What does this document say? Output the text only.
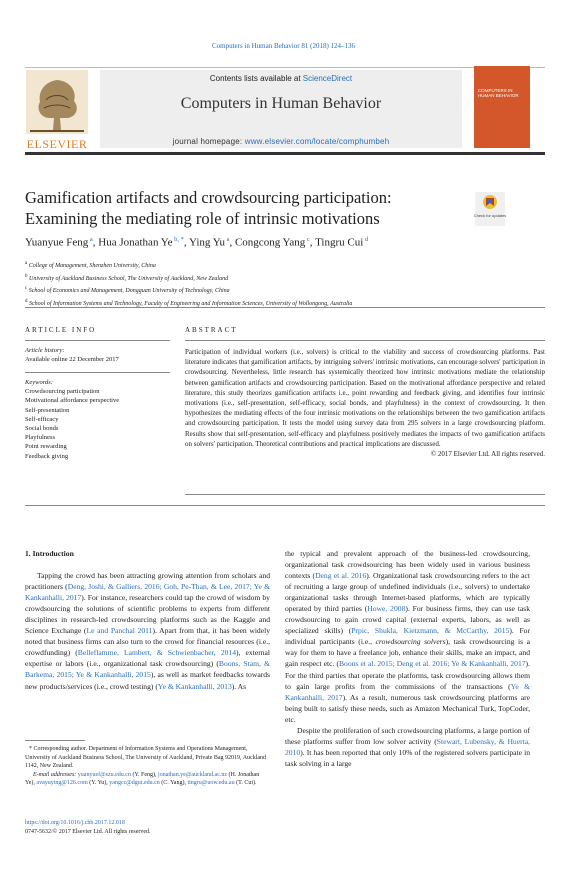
Computers in Human Behavior 81 (2018) 124–136
Contents lists available at ScienceDirect
Computers in Human Behavior
journal homepage: www.elsevier.com/locate/comphumbeh
ELSEVIER
COMPUTERS IN HUMAN BEHAVIOR
Gamification artifacts and crowdsourcing participation: Examining the mediating role of intrinsic motivations	Check for updates
Yuanyue Feng $^a$, Hua Jonathan Ye $^{b, *}$, Ying Yu $^a$, Congcong Yang $^c$, Tingru Cui $^d$
$^a$ College of Management, Shenzhen University, China
$^b$ University of Auckland Business School, The University of Auckland, New Zealand
$^c$ School of Economics and Management, Dongguan University of Technology, China
$^d$ School of Information Systems and Technology, Faculty of Engineering and Information Sciences, University of Wollongong, Australia
ARTICLE INFO
Article history:
Available online 22 December 2017
Keywords:
Crowdsourcing participation
Motivational affordance perspective
Self-presentation
Self-efficacy
Social bonds
Playfulness
Point rewarding
Feedback giving
ABSTRACT
Participation of individual workers (i.e., solvers) is critical to the viability and success of crowdsourcing platforms. Past literature indicates that gamification artifacts, by intriguing solvers' intrinsic motivations, can encourage solvers' participation in crowdsourcing. Nevertheless, little research has systemically theorized how intrinsic motivations mediate the relationship between gamification artifacts and crowdsourcing participation. Based on the motivational affordance perspective and related literature, this study theorizes gamification artifacts i.e., point rewarding and feedback giving, and identifies four intrinsic motivations (i.e., self-presentation, self-efficacy, social bonds, and playfulness) in the context of crowdsourcing. It then hypothesizes the mediating effects of the four intrinsic motivations on the relationships between the two gamification artifacts and crowdsourcing participation. It tests the model using survey data from 295 solvers in a large crowdsourcing platform. Results show that self-presentation, self-efficacy and playfulness positively mediates the impacts of two gamification artifacts on solvers' participation. Theoretical contributions and practical implications are discussed.
© 2017 Elsevier Ltd. All rights reserved.
1. Introduction

Tapping the crowd has been attracting growing attention from scholars and practitioners (Deng, Joshi, & Galliers, 2016; Goh, Pe-Than, & Lee, 2017; Ye & Kankanhalli, 2017). For instance, researchers could tap the crowd of wisdom by crowdsourcing the solutions of scientific problems to experts from different disciplines in research-led crowdsourcing platforms such as the Kaggle and Science Exchange (Le and Panchal 2011). Apart from that, it has been widely noted that business firms can also turn to the crowd for financial resources (i.e., crowdfunding) (Belleflamme, Lambert, & Schwienbacher, 2014), external expertise or labors (i.e., organizational task crowdsourcing) (Boons, Stam, & Barkema, 2015; Ye & Kankanhalli, 2015), as well as market feedbacks towards new products/services (i.e., crowd testing) (Ye & Kankanhalli, 2013). As

the typical and prevalent approach of the business-led crowdsourcing, organizational task crowdsourcing has been widely used in various business contexts (Deng et al. 2016). Organizational task crowdsourcing refers to the act of recruiting a large group of undefined individuals (i.e., solvers) to undertake organizational tasks through Internet-based platforms, which are typically operated by third parties (Howe, 2008). For business firms, they can use task crowdsourcing to gain crowd capital (external experts, labors, as well as specialized skills) (Prpic, Shukla, Kietzmann, & McCarthy, 2015). For individual participants (i.e., crowdsourcing solvers), task crowdsourcing is a way for them to have a freelance job, enhance their skills, make an impact, and gain respect etc. (Boons et al. 2015; Deng et al. 2016; Ye & Kankanhalli, 2017). For the third parties that operate the platforms, task crowdsourcing allows them to gain large profits from the commissions of the transactions (Ye & Kankanhalli, 2017). As a result, numerous task crowdsourcing platforms are being built to satisfy these needs, such as Amazon Mechanical Turk, TopCoder, etc.

Despite the proliferation of such crowdsourcing platforms, a large portion of these platforms suffer from low solver activity (Stewart, Lubensky, & Huerta, 2010). It has been reported that only 10% of the registered solvers participate in task solving in a large

* Corresponding author. Department of Information Systems and Operations Management, University of Auckland Business School, The University of Auckland, Private Bag 92019, Auckland 1142, New Zealand.
E-mail addresses: yuanyuef@szu.edu.cn (Y. Feng), jonathan.ye@auckland.ac.nz (H. Jonathan Ye), avayuying@126.com (Y. Yu), yangcc@dgut.edu.cn (C. Yang), tingru@uow.edu.au (T. Cui).
https://doi.org/10.1016/j.chb.2017.12.018
0747-5632/© 2017 Elsevier Ltd. All rights reserved.
